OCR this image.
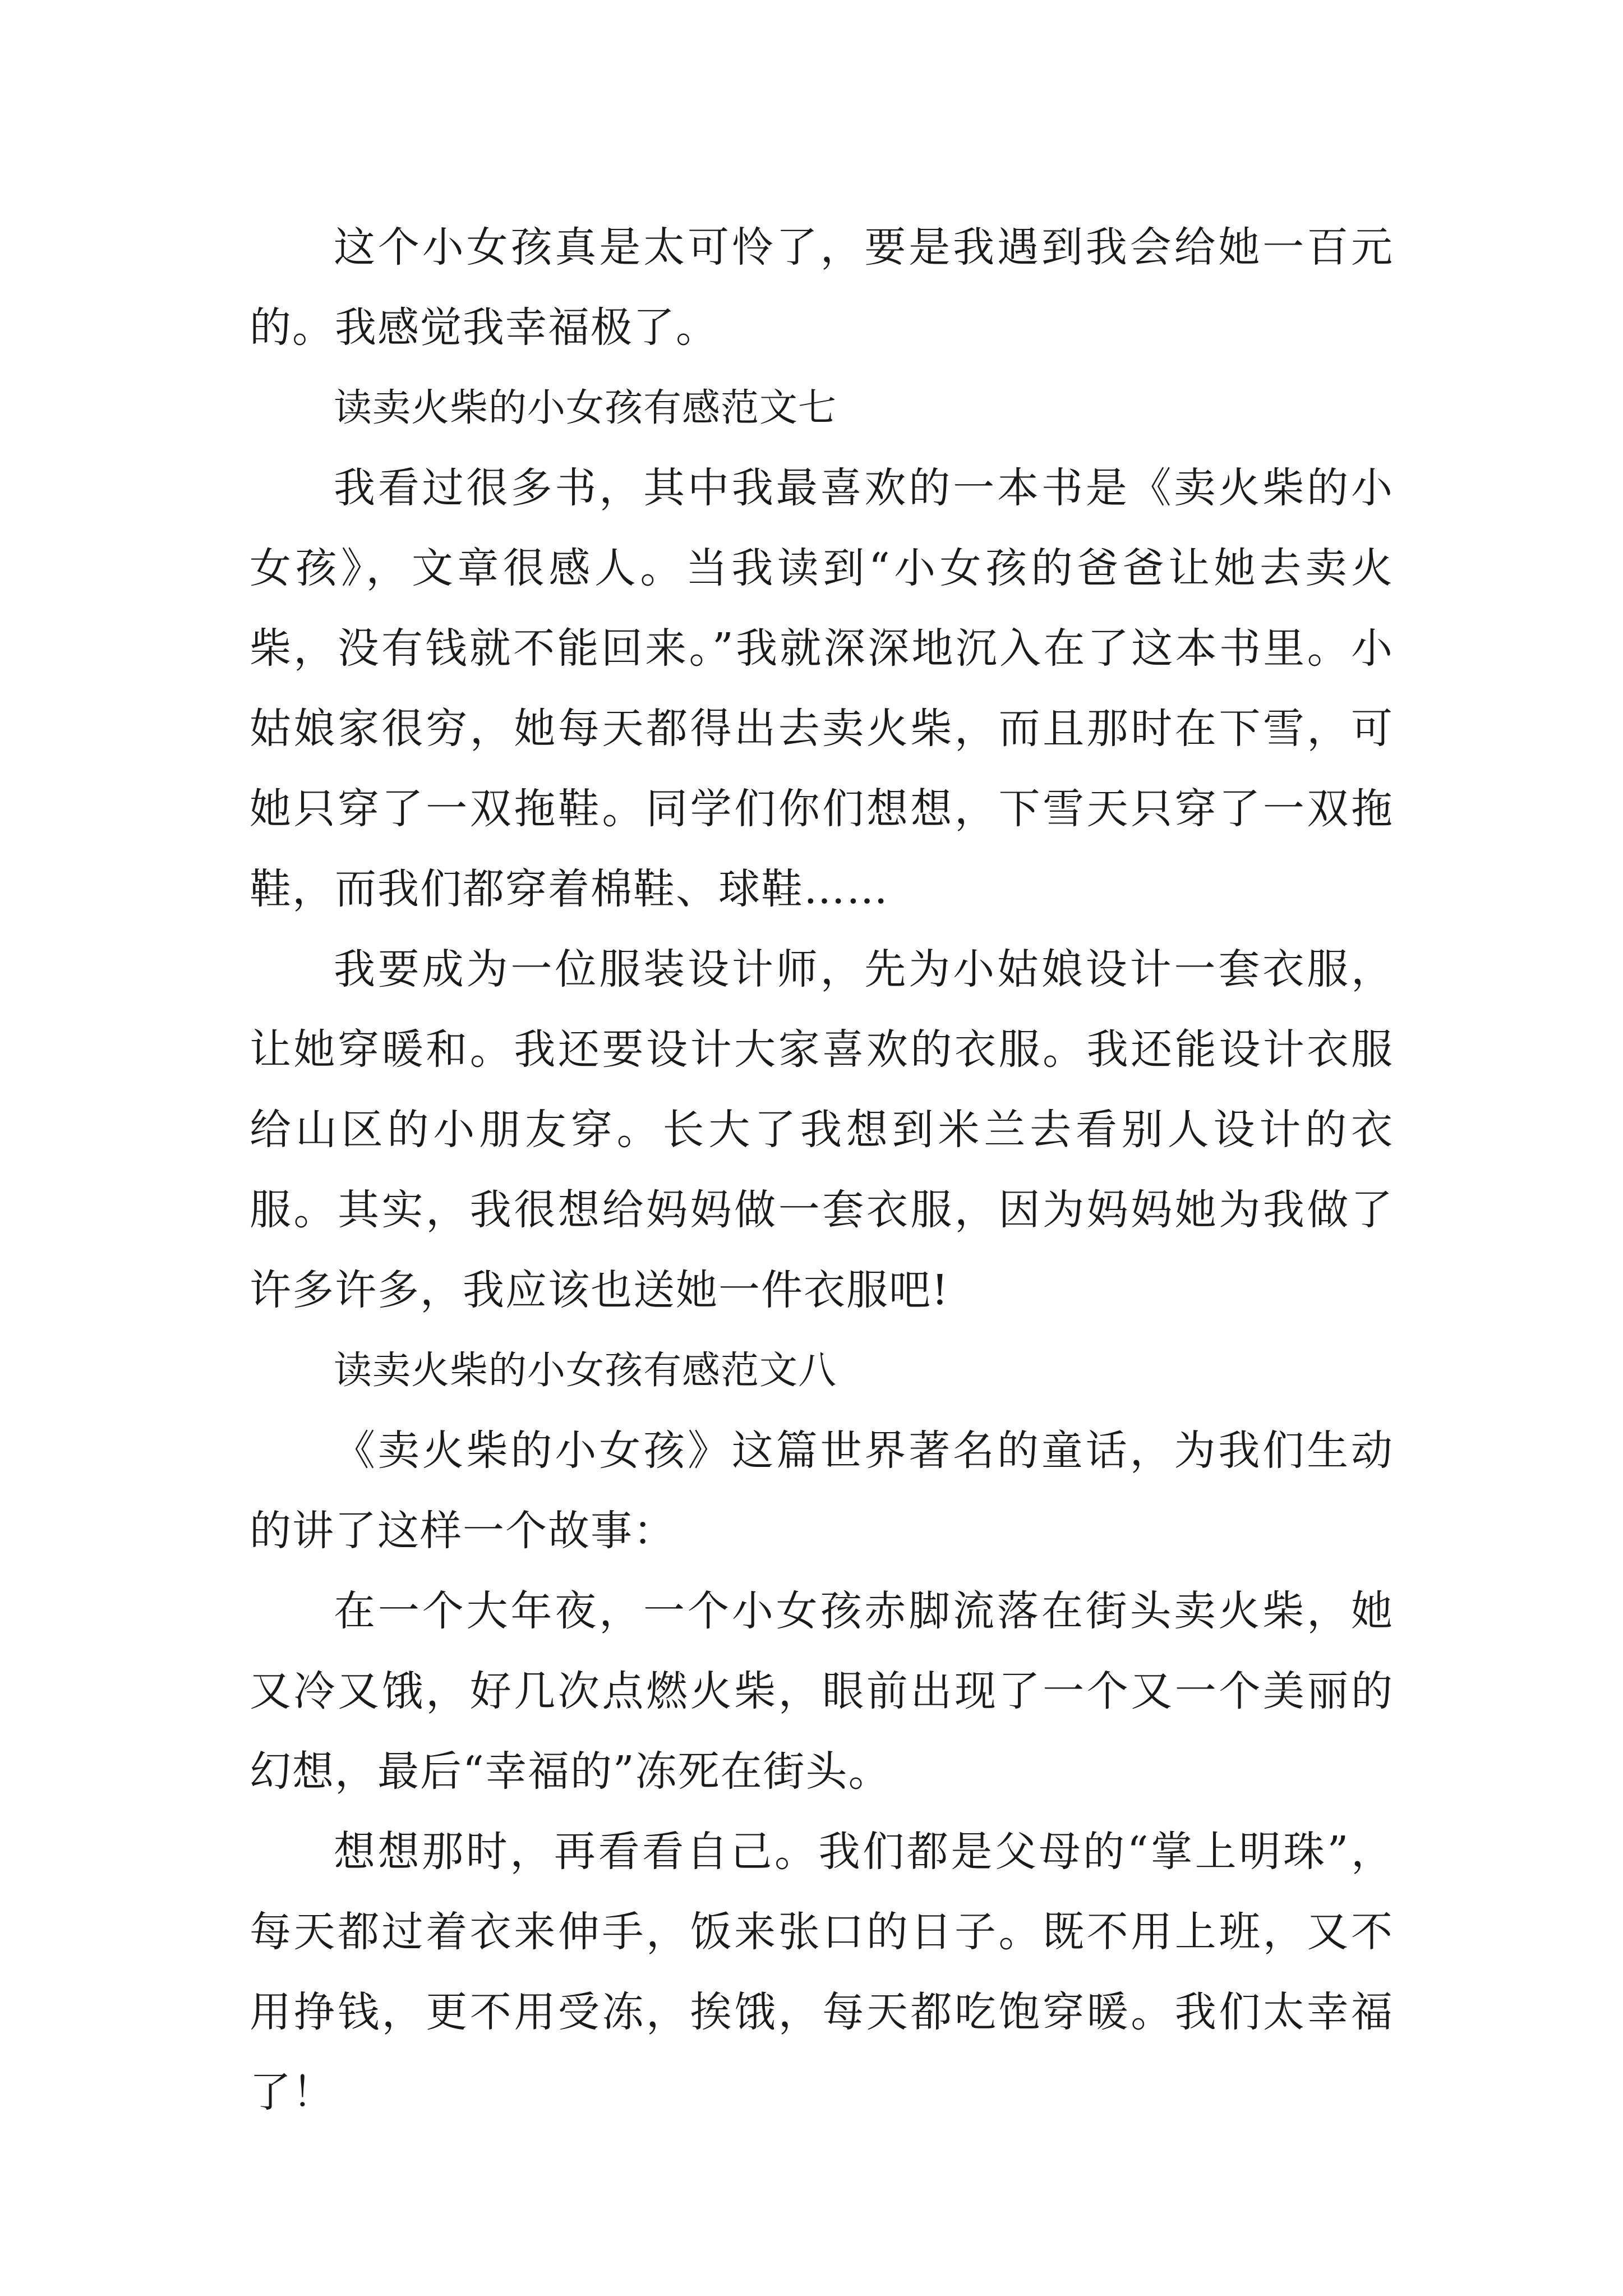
这个小女孩真是太可怜了，要是我遇到我会给她一百元的。我感觉我幸福极了。

读卖火柴的小女孩有感范文七

我看过很多书，其中我最喜欢的一本书是《卖火柴的小女孩》，文章很感人。当我读到“小女孩的爸爸让她去卖火柴，没有钱就不能回来。”我就深深地沉入在了这本书里。小姑娘家很穷，她每天都得出去卖火柴，而且那时在下雪，可她只穿了一双拖鞋。同学们你们想想，下雪天只穿了一双拖鞋，而我们都穿着棉鞋、球鞋……

我要成为一位服装设计师，先为小姑娘设计一套衣服，让她穿暖和。我还要设计大家喜欢的衣服。我还能设计衣服给山区的小朋友穿。长大了我想到米兰去看别人设计的衣服。其实，我很想给妈妈做一套衣服，因为妈妈她为我做了许多许多，我应该也送她一件衣服吧!

读卖火柴的小女孩有感范文八

《卖火柴的小女孩》这篇世界著名的童话，为我们生动的讲了这样一个故事：

在一个大年夜，一个小女孩赤脚流落在街头卖火柴，她又冷又饿，好几次点燃火柴，眼前出现了一个又一个美丽的幻想，最后“幸福的”冻死在街头。

想想那时，再看看自己。我们都是父母的“掌上明珠”，每天都过着衣来伸手，饭来张口的日子。既不用上班，又不用挣钱，更不用受冻，挨饿，每天都吃饱穿暖。我们太幸福了！
